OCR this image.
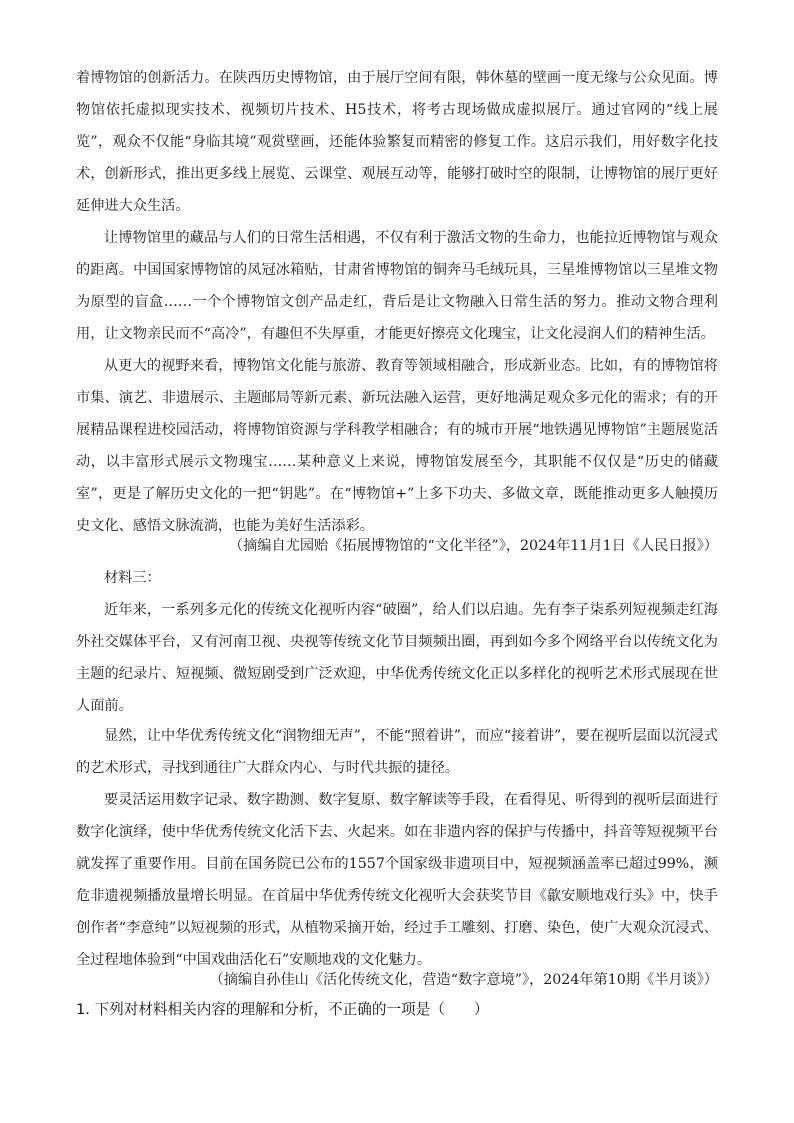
着博物馆的创新活力。在陕西历史博物馆，由于展厅空间有限，韩休墓的壁画一度无缘与公众见面。博物馆依托虚拟现实技术、视频切片技术、H5技术，将考古现场做成虚拟展厅。通过官网的“线上展览”，观众不仅能“身临其境”观赏壁画，还能体验繁复而精密的修复工作。这启示我们，用好数字化技术，创新形式，推出更多线上展览、云课堂、观展互动等，能够打破时空的限制，让博物馆的展厅更好延伸进大众生活。

让博物馆里的藏品与人们的日常生活相遇，不仅有利于激活文物的生命力，也能拉近博物馆与观众的距离。中国国家博物馆的凤冠冰箱贴，甘肃省博物馆的铜奔马毛绒玩具，三星堆博物馆以三星堆文物为原型的盲盒……一个个博物馆文创产品走红，背后是让文物融入日常生活的努力。推动文物合理利用，让文物亲民而不“高冷”，有趣但不失厚重，才能更好擦亮文化瑰宝，让文化浸润人们的精神生活。

从更大的视野来看，博物馆文化能与旅游、教育等领域相融合，形成新业态。比如，有的博物馆将市集、演艺、非遗展示、主题邮局等新元素、新玩法融入运营，更好地满足观众多元化的需求；有的开展精品课程进校园活动，将博物馆资源与学科教学相融合；有的城市开展“地铁遇见博物馆”主题展览活动，以丰富形式展示文物瑰宝……某种意义上来说，博物馆发展至今，其职能不仅仅是“历史的储藏室”，更是了解历史文化的一把“钥匙”。在“博物馆+”上多下功夫、多做文章，既能推动更多人触摸历史文化、感悟文脉流淌，也能为美好生活添彩。

（摘编自尤园贻《拓展博物馆的“文化半径”》，2024年11月1日《人民日报》）

材料三：

近年来，一系列多元化的传统文化视听内容“破圈”，给人们以启迪。先有李子柒系列短视频走红海外社交媒体平台，又有河南卫视、央视等传统文化节目频频出圈，再到如今多个网络平台以传统文化为主题的纪录片、短视频、微短剧受到广泛欢迎，中华优秀传统文化正以多样化的视听艺术形式展现在世人面前。

显然，让中华优秀传统文化“润物细无声”，不能“照着讲”，而应“接着讲”，要在视听层面以沉浸式的艺术形式，寻找到通往广大群众内心、与时代共振的捷径。

要灵活运用数字记录、数字勘测、数字复原、数字解读等手段，在看得见、听得到的视听层面进行数字化演绎，使中华优秀传统文化活下去、火起来。如在非遗内容的保护与传播中，抖音等短视频平台就发挥了重要作用。目前在国务院已公布的1557个国家级非遗项目中，短视频涵盖率已超过99%，濒危非遗视频播放量增长明显。在首届中华优秀传统文化视听大会获奖节目《歙安顺地戏行头》中，快手创作者“李意纯”以短视频的形式，从植物采摘开始，经过手工雕刻、打磨、染色，使广大观众沉浸式、全过程地体验到“中国戏曲活化石”安顺地戏的文化魅力。

（摘编自孙佳山《活化传统文化，营造“数字意境”》，2024年第10期《半月谈》）

1. 下列对材料相关内容的理解和分析，不正确的一项是（　　）
